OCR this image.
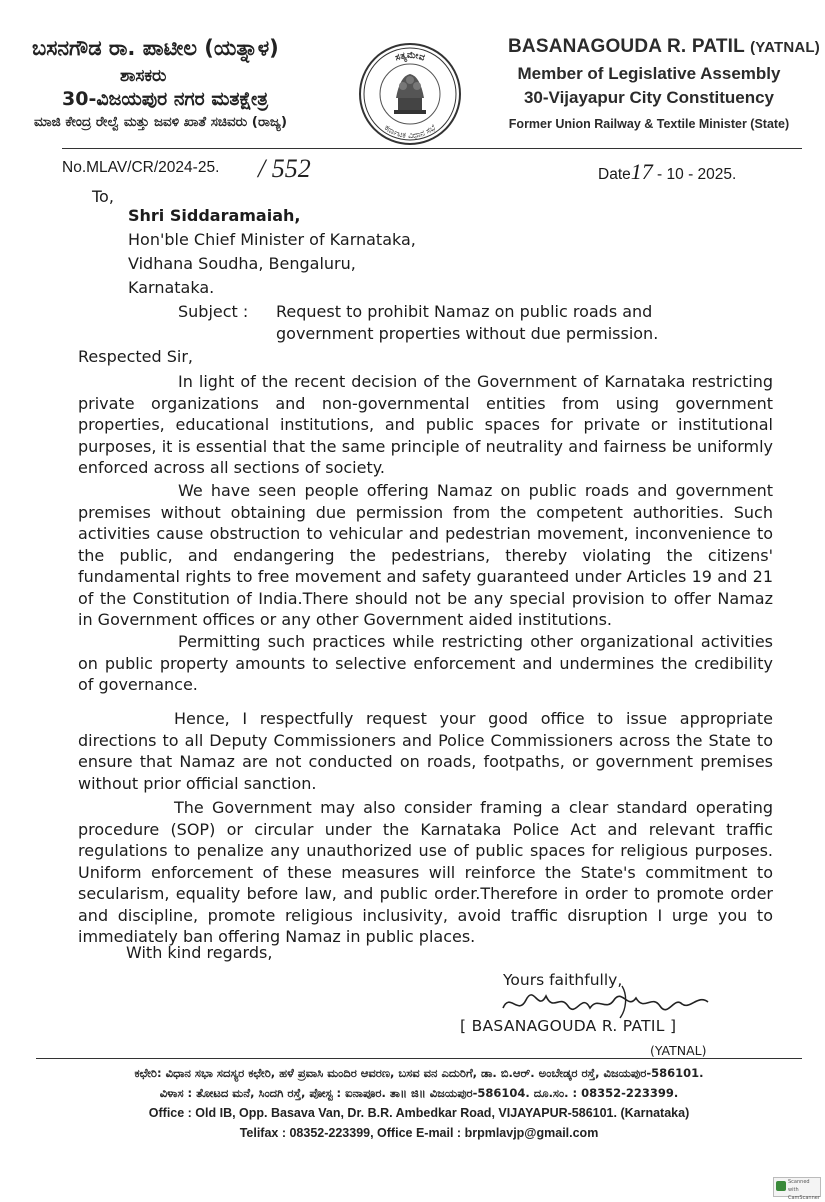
ಬಸನಗೌಡ ರಾ. ಪಾಟೀಲ (ಯತ್ನಾಳ)
ಶಾಸಕರು
30-ವಿಜಯಪುರ ನಗರ ಮತಕ್ಷೇತ್ರ
ಮಾಜಿ ಕೇಂದ್ರ ರೇಲ್ವೆ ಮತ್ತು ಜವಳಿ ಖಾತೆ ಸಚಿವರು (ರಾಜ್ಯ)
ಸತ್ಯಮೇವ
ಕರ್ನಾಟಕ ವಿಧಾನ ಸಭೆ
BASANAGOUDA R. PATIL (YATNAL)
Member of Legislative Assembly
30-Vijayapur City Constituency
Former Union Railway & Textile Minister (State)
No.MLAV/CR/2024-25. / 552	Date17 - 10 - 2025.
To,
Shri Siddaramaiah,
Hon'ble Chief Minister of Karnataka,
Vidhana Soudha, Bengaluru,
Karnataka.
Subject : Request to prohibit Namaz on public roads and government properties without due permission.
Respected Sir,
In light of the recent decision of the Government of Karnataka restricting private organizations and non-governmental entities from using government properties, educational institutions, and public spaces for private or institutional purposes, it is essential that the same principle of neutrality and fairness be uniformly enforced across all sections of society.
We have seen people offering Namaz on public roads and government premises without obtaining due permission from the competent authorities. Such activities cause obstruction to vehicular and pedestrian movement, inconvenience to the public, and endangering the pedestrians, thereby violating the citizens' fundamental rights to free movement and safety guaranteed under Articles 19 and 21 of the Constitution of India.There should not be any special provision to offer Namaz in Government offices or any other Government aided institutions.
Permitting such practices while restricting other organizational activities on public property amounts to selective enforcement and undermines the credibility of governance.
Hence, I respectfully request your good office to issue appropriate directions to all Deputy Commissioners and Police Commissioners across the State to ensure that Namaz are not conducted on roads, footpaths, or government premises without prior official sanction.
The Government may also consider framing a clear standard operating procedure (SOP) or circular under the Karnataka Police Act and relevant traffic regulations to penalize any unauthorized use of public spaces for religious purposes. Uniform enforcement of these measures will reinforce the State's commitment to secularism, equality before law, and public order.Therefore in order to promote order and discipline, promote religious inclusivity, avoid traffic disruption I urge you to immediately ban offering Namaz in public places.
With kind regards,
Yours faithfully,
[ BASANAGOUDA R. PATIL ]
(YATNAL)
ಕಛೇರಿ: ವಿಧಾನ ಸಭಾ ಸದಸ್ಯರ ಕಛೇರಿ, ಹಳೆ ಪ್ರವಾಸಿ ಮಂದಿರ ಆವರಣ, ಬಸವ ವನ ಎದುರಿಗೆ, ಡಾ. ಬಿ.ಆರ್. ಅಂಬೇಡ್ಕರ ರಸ್ತೆ, ವಿಜಯಪುರ-586101.
ವಿಳಾಸ : ತೋಟದ ಮನೆ, ಸಿಂದಗಿ ರಸ್ತೆ, ಪೋಸ್ಟ : ಐನಾಪೂರ. ತಾ॥ ಜಿ॥ ವಿಜಯಪುರ-586104. ದೂ.ಸಂ. : 08352-223399.
Office : Old IB, Opp. Basava Van, Dr. B.R. Ambedkar Road, VIJAYAPUR-586101. (Karnataka)
Telifax : 08352-223399, Office E-mail : brpmlavjp@gmail.com
Scanned with
CamScanner
